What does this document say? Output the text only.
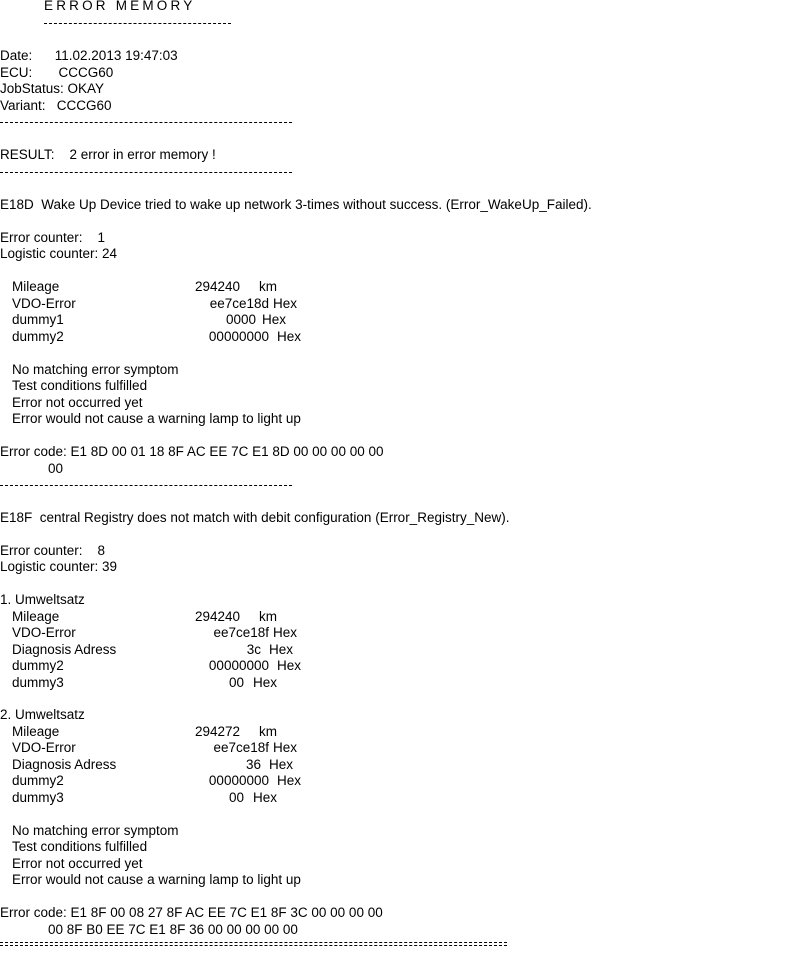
ERROR MEMORY
Date:      11.02.2013 19:47:03
ECU:       CCCG60
JobStatus: OKAY
Variant:   CCCG60
RESULT:    2 error in error memory !
E18D  Wake Up Device tried to wake up network 3-times without success. (Error_WakeUp_Failed).
Error counter:    1
Logistic counter: 24
Mileage	294240 km
VDO-Error	ee7ce18d Hex
dummy1	0000 Hex
dummy2	00000000 Hex
No matching error symptom
Test conditions fulfilled
Error not occurred yet
Error would not cause a warning lamp to light up
Error code: E1 8D 00 01 18 8F AC EE 7C E1 8D 00 00 00 00 00
00
E18F  central Registry does not match with debit configuration (Error_Registry_New).
Error counter:    8
Logistic counter: 39
1. Umweltsatz
Mileage	294240 km
VDO-Error	ee7ce18f Hex
Diagnosis Adress	3c Hex
dummy2	00000000 Hex
dummy3	00 Hex
2. Umweltsatz
Mileage	294272 km
VDO-Error	ee7ce18f Hex
Diagnosis Adress	36 Hex
dummy2	00000000 Hex
dummy3	00 Hex
No matching error symptom
Test conditions fulfilled
Error not occurred yet
Error would not cause a warning lamp to light up
Error code: E1 8F 00 08 27 8F AC EE 7C E1 8F 3C 00 00 00 00
00 8F B0 EE 7C E1 8F 36 00 00 00 00 00
